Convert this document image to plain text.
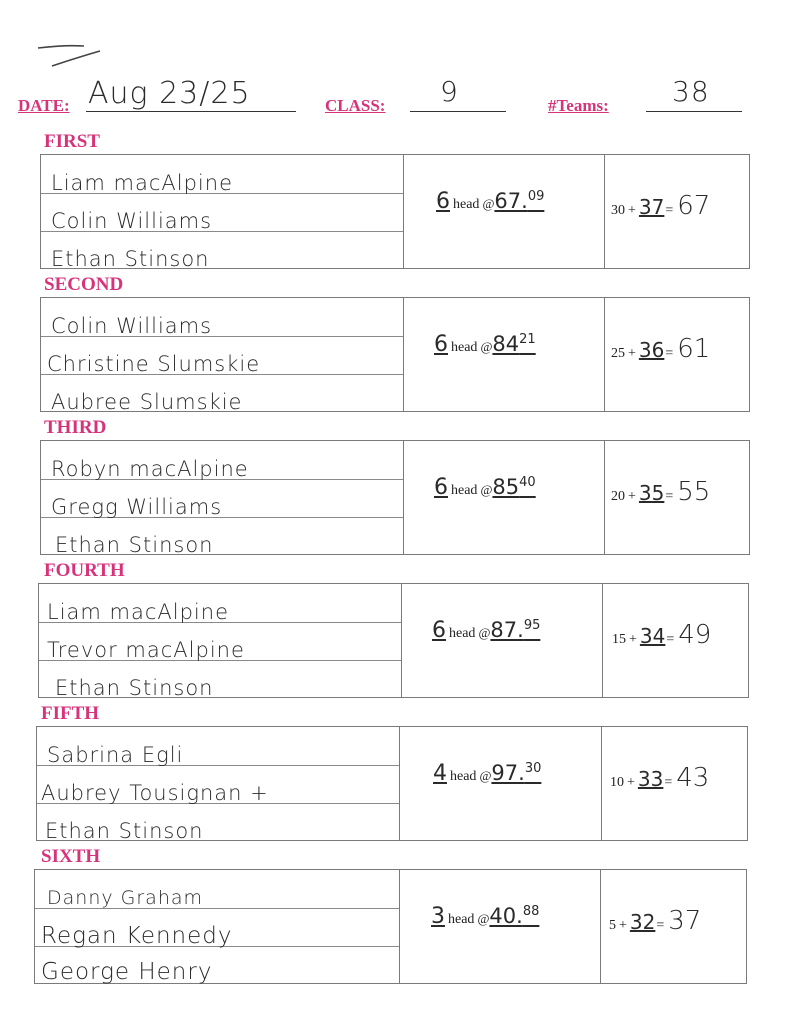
DATE: Aug 23/25	CLASS: 9	#Teams: 38
FIRST
Liam macAlpine
Colin Williams
Ethan Stinson
6 head @67.09
30 + 37= 67
SECOND
Colin Williams
Christine Slumskie
Aubree Slumskie
6 head $@84^{21}$
25 + 36= 61
THIRD
Robyn macAlpine
Gregg Williams
Ethan Stinson
6 head $@85^{40}$
20 + 35= 55
FOURTH
Liam macAlpine
Trevor macAlpine
Ethan Stinson
6 head @87.95
15 + 34= 49
FIFTH
Sabrina Egli
Aubrey Tousignan +
Ethan Stinson
4 head @97.30
10 + 33= 43
SIXTH
Danny Graham
Regan Kennedy
George Henry
3 head @40.88
5 + 32= 37
